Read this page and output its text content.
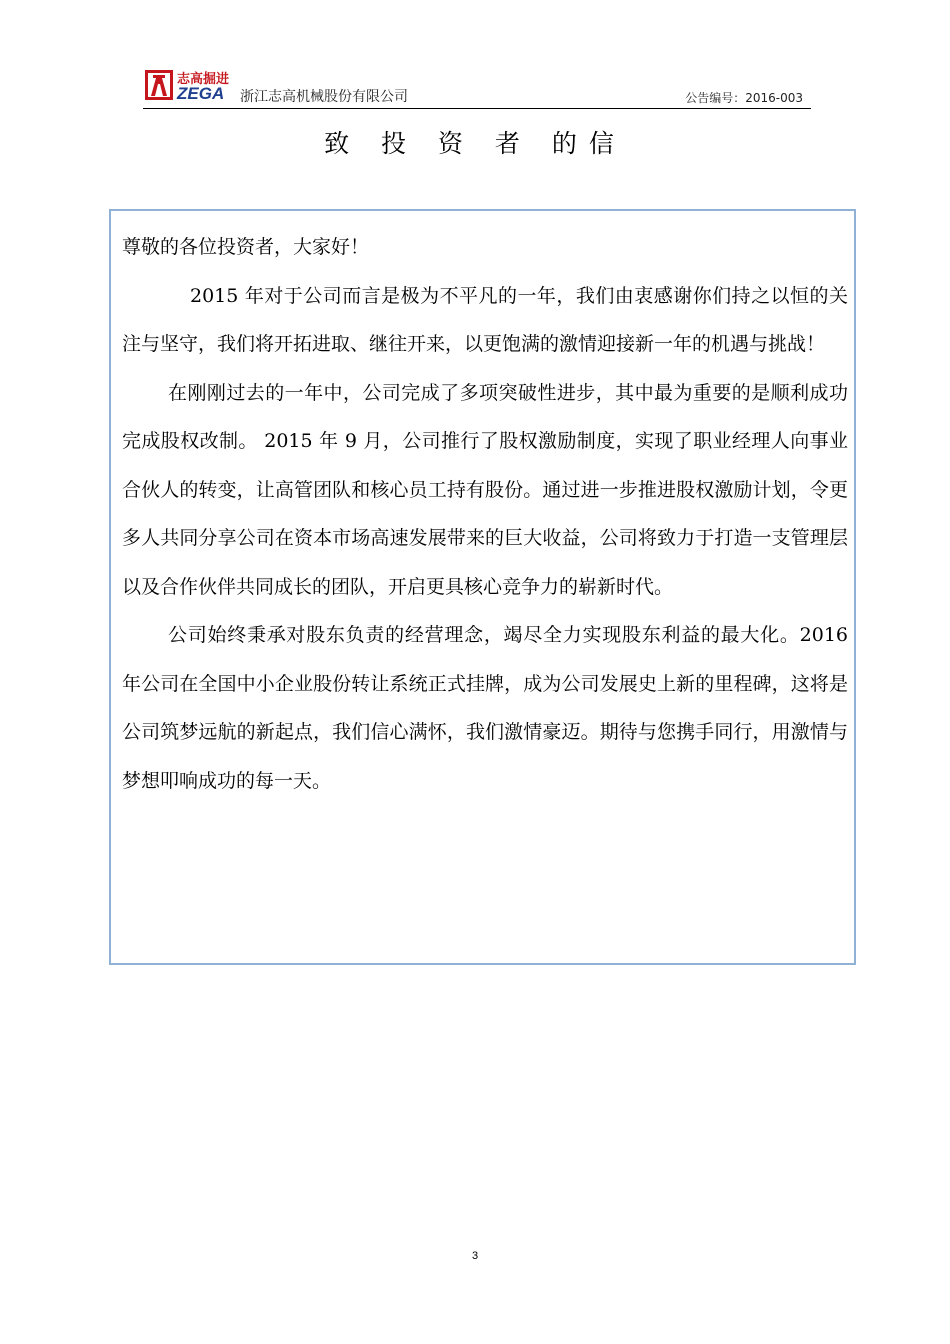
志高掘进
ZEGA 浙江志高机械股份有限公司	公告编号：2016-003
致 投 资 者 的信

尊敬的各位投资者，大家好！

2015 年对于公司而言是极为不平凡的一年，我们由衷感谢你们持之以恒的关注与坚守，我们将开拓进取、继往开来，以更饱满的激情迎接新一年的机遇与挑战！

在刚刚过去的一年中，公司完成了多项突破性进步，其中最为重要的是顺利成功完成股权改制。 2015 年 9 月，公司推行了股权激励制度，实现了职业经理人向事业合伙人的转变，让高管团队和核心员工持有股份。通过进一步推进股权激励计划，令更多人共同分享公司在资本市场高速发展带来的巨大收益，公司将致力于打造一支管理层以及合作伙伴共同成长的团队，开启更具核心竞争力的崭新时代。

公司始终秉承对股东负责的经营理念，竭尽全力实现股东利益的最大化。2016 年公司在全国中小企业股份转让系统正式挂牌，成为公司发展史上新的里程碑，这将是公司筑梦远航的新起点，我们信心满怀，我们激情豪迈。期待与您携手同行，用激情与梦想叩响成功的每一天。

3
